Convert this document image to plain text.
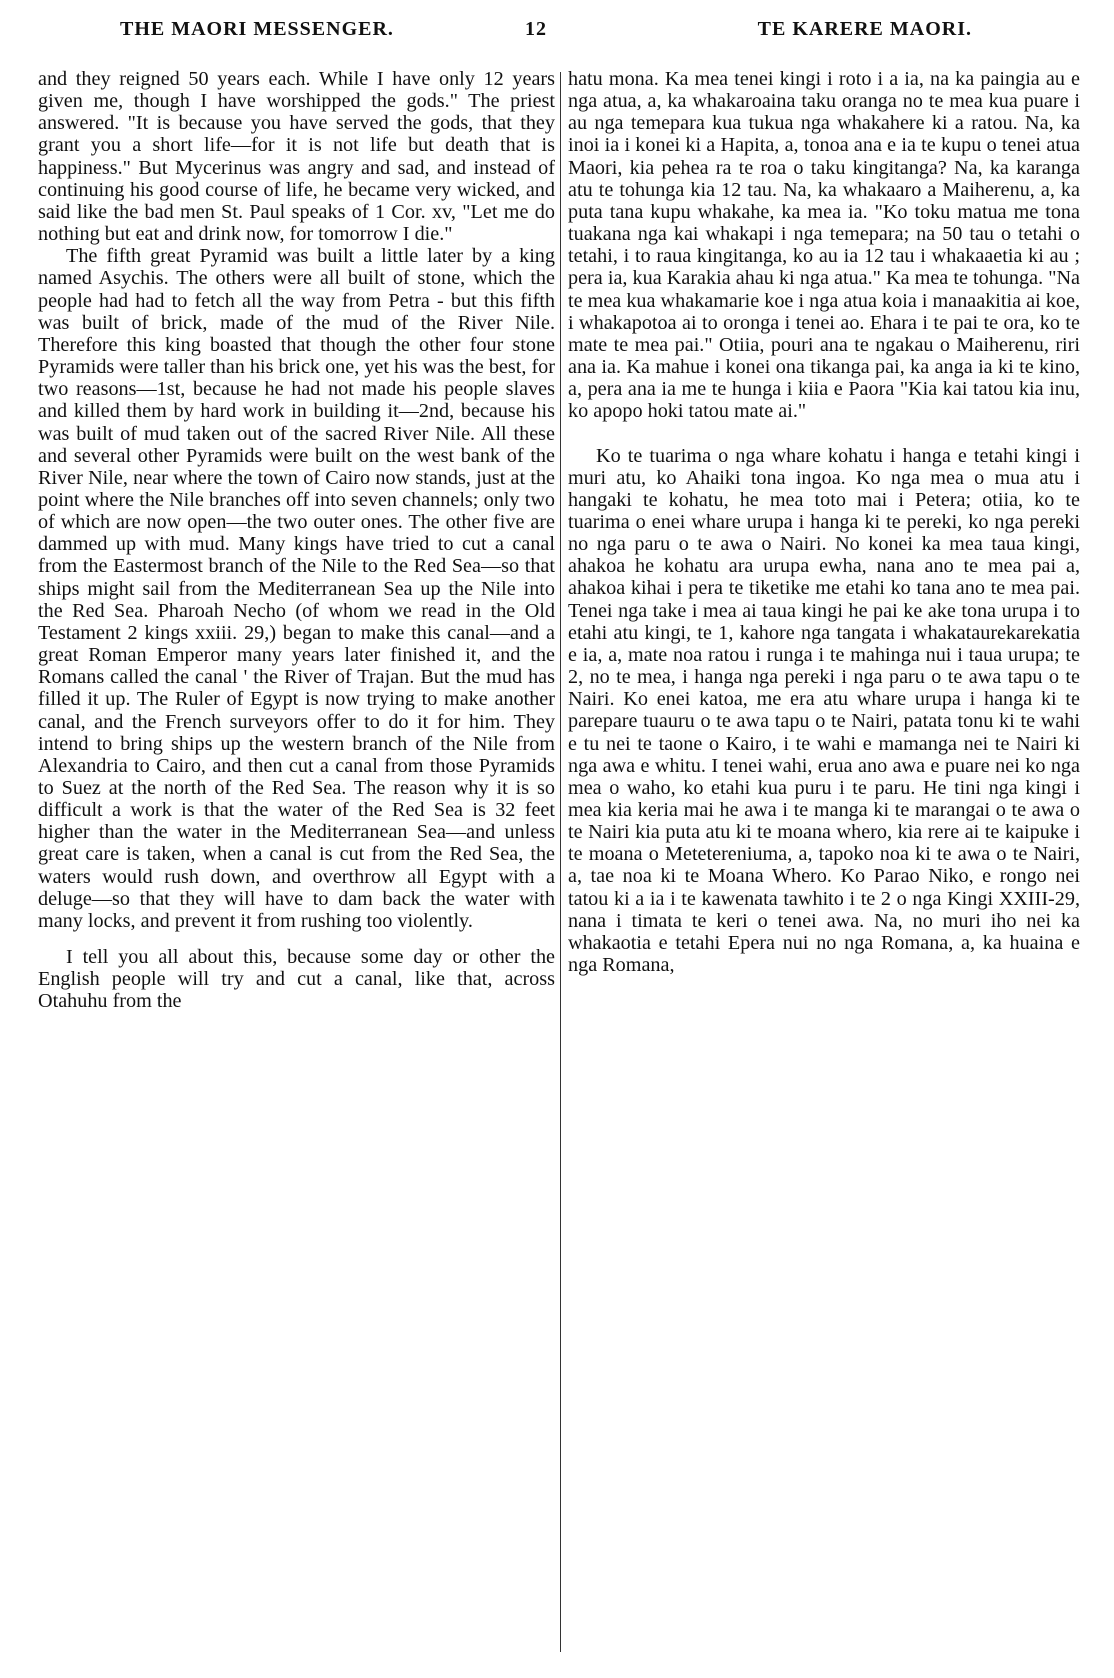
THE MAORI MESSENGER.	12	TE KARERE MAORI.

and they reigned 50 years each. While I have only 12 years given me, though I have worshipped the gods." The priest answered. "It is because you have served the gods, that they grant you a short life—for it is not life but death that is happiness." But Mycerinus was angry and sad, and instead of continuing his good course of life, he became very wicked, and said like the bad men St. Paul speaks of 1 Cor. xv, "Let me do nothing but eat and drink now, for tomorrow I die."

The fifth great Pyramid was built a little later by a king named Asychis. The others were all built of stone, which the people had had to fetch all the way from Petra - but this fifth was built of brick, made of the mud of the River Nile. Therefore this king boasted that though the other four stone Pyramids were taller than his brick one, yet his was the best, for two reasons—1st, because he had not made his people slaves and killed them by hard work in building it—2nd, because his was built of mud taken out of the sacred River Nile. All these and several other Pyramids were built on the west bank of the River Nile, near where the town of Cairo now stands, just at the point where the Nile branches off into seven channels; only two of which are now open—the two outer ones. The other five are dammed up with mud. Many kings have tried to cut a canal from the Eastermost branch of the Nile to the Red Sea—so that ships might sail from the Mediterranean Sea up the Nile into the Red Sea. Pharoah Necho (of whom we read in the Old Testament 2 kings xxiii. 29,) began to make this canal—and a great Roman Emperor many years later finished it, and the Romans called the canal ' the River of Trajan. But the mud has filled it up. The Ruler of Egypt is now trying to make another canal, and the French surveyors offer to do it for him. They intend to bring ships up the western branch of the Nile from Alexandria to Cairo, and then cut a canal from those Pyramids to Suez at the north of the Red Sea. The reason why it is so difficult a work is that the water of the Red Sea is 32 feet higher than the water in the Mediterranean Sea—and unless great care is taken, when a canal is cut from the Red Sea, the waters would rush down, and overthrow all Egypt with a deluge—so that they will have to dam back the water with many locks, and prevent it from rushing too violently.

I tell you all about this, because some day or other the English people will try and cut a canal, like that, across Otahuhu from the

hatu mona. Ka mea tenei kingi i roto i a ia, na ka paingia au e nga atua, a, ka whakaroaina taku oranga no te mea kua puare i au nga temepara kua tukua nga whakahere ki a ratou. Na, ka inoi ia i konei ki a Hapita, a, tonoa ana e ia te kupu o tenei atua Maori, kia pehea ra te roa o taku kingitanga? Na, ka karanga atu te tohunga kia 12 tau. Na, ka whakaaro a Maiherenu, a, ka puta tana kupu whakahe, ka mea ia. "Ko toku matua me tona tuakana nga kai whakapi i nga temepara; na 50 tau o tetahi o tetahi, i to raua kingitanga, ko au ia 12 tau i whakaaetia ki au ; pera ia, kua Karakia ahau ki nga atua." Ka mea te tohunga. "Na te mea kua whakamarie koe i nga atua koia i manaakitia ai koe, i whakapotoa ai to oronga i tenei ao. Ehara i te pai te ora, ko te mate te mea pai." Otiia, pouri ana te ngakau o Maiherenu, riri ana ia. Ka mahue i konei ona tikanga pai, ka anga ia ki te kino, a, pera ana ia me te hunga i kiia e Paora "Kia kai tatou kia inu, ko apopo hoki tatou mate ai."

Ko te tuarima o nga whare kohatu i hanga e tetahi kingi i muri atu, ko Ahaiki tona ingoa. Ko nga mea o mua atu i hangaki te kohatu, he mea toto mai i Petera; otiia, ko te tuarima o enei whare urupa i hanga ki te pereki, ko nga pereki no nga paru o te awa o Nairi. No konei ka mea taua kingi, ahakoa he kohatu ara urupa ewha, nana ano te mea pai a, ahakoa kihai i pera te tiketike me etahi ko tana ano te mea pai. Tenei nga take i mea ai taua kingi he pai ke ake tona urupa i to etahi atu kingi, te 1, kahore nga tangata i whakataurekarekatia e ia, a, mate noa ratou i runga i te mahinga nui i taua urupa; te 2, no te mea, i hanga nga pereki i nga paru o te awa tapu o te Nairi. Ko enei katoa, me era atu whare urupa i hanga ki te parepare tuauru o te awa tapu o te Nairi, patata tonu ki te wahi e tu nei te taone o Kairo, i te wahi e mamanga nei te Nairi ki nga awa e whitu. I tenei wahi, erua ano awa e puare nei ko nga mea o waho, ko etahi kua puru i te paru. He tini nga kingi i mea kia keria mai he awa i te manga ki te marangai o te awa o te Nairi kia puta atu ki te moana whero, kia rere ai te kaipuke i te moana o Metetereniuma, a, tapoko noa ki te awa o te Nairi, a, tae noa ki te Moana Whero. Ko Parao Niko, e rongo nei tatou ki a ia i te kawenata tawhito i te 2 o nga Kingi XXIII-29, nana i timata te keri o tenei awa. Na, no muri iho nei ka whakaotia e tetahi Epera nui no nga Romana, a, ka huaina e nga Romana,
